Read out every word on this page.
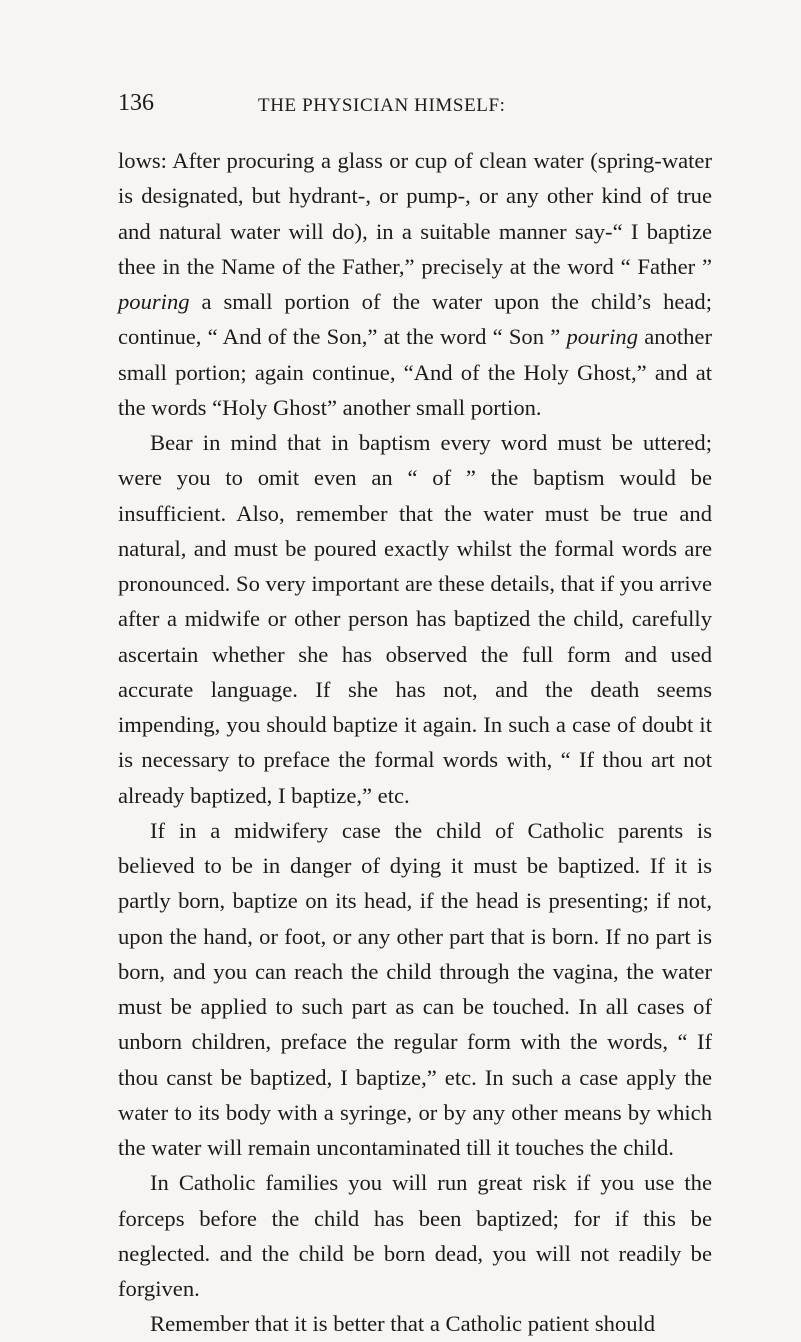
136	THE PHYSICIAN HIMSELF:

lows: After procuring a glass or cup of clean water (spring-water is designated, but hydrant-, or pump-, or any other kind of true and natural water will do), in a suitable manner say-“ I baptize thee in the Name of the Father,” precisely at the word “ Father ” pouring a small portion of the water upon the child’s head; continue, “ And of the Son,” at the word “ Son ” pouring another small portion; again continue, “And of the Holy Ghost,” and at the words “Holy Ghost” another small portion.

Bear in mind that in baptism every word must be uttered; were you to omit even an “ of ” the baptism would be insufficient. Also, remember that the water must be true and natural, and must be poured exactly whilst the formal words are pronounced. So very important are these details, that if you arrive after a midwife or other person has baptized the child, carefully ascertain whether she has observed the full form and used accurate language. If she has not, and the death seems impending, you should baptize it again. In such a case of doubt it is necessary to preface the formal words with, “ If thou art not already baptized, I baptize,” etc.

If in a midwifery case the child of Catholic parents is believed to be in danger of dying it must be baptized. If it is partly born, baptize on its head, if the head is presenting; if not, upon the hand, or foot, or any other part that is born. If no part is born, and you can reach the child through the vagina, the water must be applied to such part as can be touched. In all cases of unborn children, preface the regular form with the words, “ If thou canst be baptized, I baptize,” etc. In such a case apply the water to its body with a syringe, or by any other means by which the water will remain uncontaminated till it touches the child.

In Catholic families you will run great risk if you use the forceps before the child has been baptized; for if this be neglected. and the child be born dead, you will not readily be forgiven.

Remember that it is better that a Catholic patient should
